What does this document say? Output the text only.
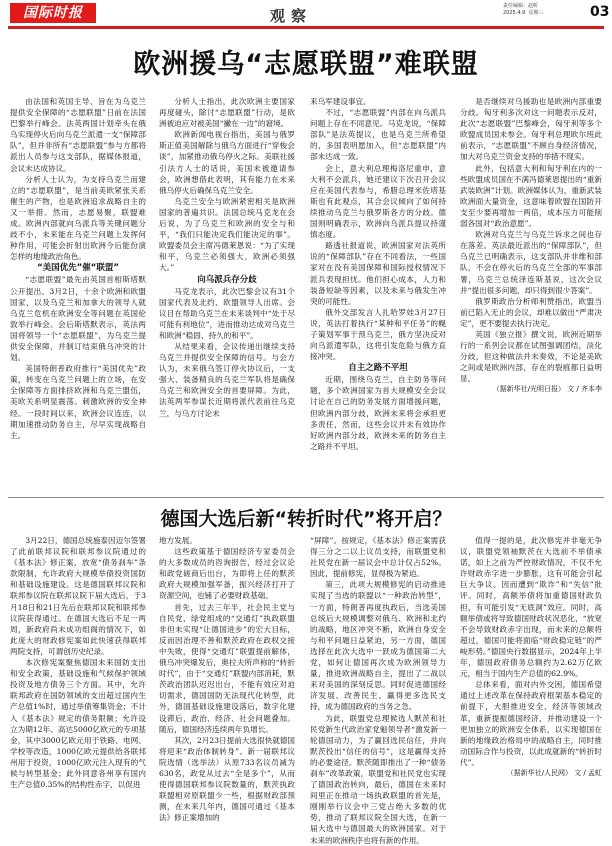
国际时报	观察
责任编辑：赵昕
2025.4.9 星期三	03
欧洲援乌“志愿联盟”难联盟

由法国和英国主导、旨在为乌克兰提供安全保障的“志愿联盟”日前在法国巴黎举行峰会。法英两国计划牵头在俄乌实现停火后向乌克兰派遣一支“保障部队”，但并非所有“志愿联盟”参与方都将派出人员参与这支部队，据媒体报道，会议未达成协议。

分析人士认为，为支持乌克兰而建立的“志愿联盟”，是当前美欧紧张关系催生的产物，也是欧洲追求战略自主的又一举措。然而，志愿易聚，联盟难成。欧洲内部就向乌派兵等关键问题分歧不小，未来能在乌克兰问题上发挥何种作用，可能会折射出欧洲今后能份演怎样的地缘政治角色。

“美国优先”催“联盟”

“志愿联盟”最先由英国首相斯塔默公开提出。3月2日，十余个欧洲和欧盟国家，以及乌克兰和加拿大的领导人就乌克兰危机在欧洲安全等问题在英国伦敦举行峰会。会后斯塔默表示，英法两国将领导一个“志愿联盟”，为乌克兰提供安全保障，并制订结束俄乌冲突的计划。

美国特朗普政府推行“美国优先”政策，转变在乌克兰问题上的立场，在安全保障等方面排挤欧洲和乌克兰盟伍，美欧关系明显震荡。刺激欧洲的安全神经。一段时间以来，欧洲会议连连，以期加速推动防务自主，尽早实现战略自主。

分析人士指出，此次欧洲主要国家再度碰头，除讨“志愿联盟”行动，是欧洲被迫应对被美国“撇在一边”的窘境。

欧洲新闻电视台指出，美国与俄罗斯正值美国解除与俄乌方面进行“穿梭会谈”，加紧推动俄乌停火之际。美联社援引法方人士的话说，美国未被邀请参会，欧洲想借此表明，其有能力在未来俄乌停火后确保乌克兰安全。

乌克兰安全与欧洲紧密相关是欧洲国家的普遍共识。法国总统马克龙在会后说，为了乌克兰和欧洲的安全与和平，“我们只能决定我们能决定的事”。欧盟委员会主席冯德莱恩说：“为了实现和平，乌克兰必须强大，欧洲必须强大。”

向乌派兵存分歧

马克龙表示，此次巴黎会议有31个国家代表及北约、欧盟领导人出席。会议目在帮助乌克兰在未来谈判中“处于尽可能有利地位”，进而推动达成对乌克兰和欧洲“稳固、持久的和平”。

从结果来看，会议传递出继续支持乌克兰并提供安全保障的信号。与会方认为，未来俄乌签订停火协议后，一支强大、装备精良的乌克兰军队将是确保乌克兰和欧洲安全的首要屏障。为此，法英两军参谋长近期将派代表前往乌克兰，与乌方讨论未

来乌军建设事宜。

不过，“志愿联盟”内部在向乌派兵问题上存在不同意见。马克龙说，“保障部队”是法英提议，也是乌克兰所希望的，多国表明愿加入，但“志愿联盟”内部未达成一致。

会上，意大利总理梅洛尼重申，意大利不会派兵，她还建议下次召开会议应在美国代表参与，希腊总理米佐塔基斯也有此观点，其合会议倾向了如何持续推动乌克兰与俄罗斯各方的分歧。德国则明确表示，欧洲向乌派兵提议持谨慎态度。

路透社报道说，欧洲国家对法英所说的“保障部队”存在不同看法，一些国家对在没有美国保障和国际授权情况下派兵表现担忧。他们担心成本，人力和装备短缺等因素，以及未来与俄发生冲突的可能性。

俄外交部发言人扎哈罗娃3月27日说，英法打着执行“某种和平任务”的幌子策划军事干预乌克兰，俄方坚决反对向乌派遣军队，这将引发危险与俄方直接冲突。

自主之路不平坦

近期，围绕乌克兰、自主防务等问题，多个欧洲国家为首大规模安全会议讨论在自己的防务发展方面增援问题，但欧洲内部分歧，欧洲未来将会承担更多责任，然而，这些会议并未有效协作好欧洲内部分歧，欧洲未来的防务自主之路并不平坦。

是否继续对乌援助也是欧洲内部重要分歧。匈牙利多次对这一问题表示反对，此次“志愿联盟”巴黎峰会，匈牙利等多个欧盟成员国未参会。匈牙利总理欧尔班此前表示，“志愿联盟”不顾自身经济情况，加大对乌克兰资金支持的举措不现实。

此外，包括意大利和匈牙利在内的一些欧盟成员国在不满冯德莱恩提出的“重新武装欧洲”计划。欧洲媒体认为，重新武装欧洲面大量资金，这意味着欧盟在国防开支至少要再增加一两倍，成本压力可能削弱各国对“政治意愿”。

欧洲对乌克兰与乌克兰诉求之间也存在落差。英法最近派出的“保障部队”，但乌克兰已明确表示，这支部队并非维和部队，不会在停火后的乌克兰全部的军事部署，乌克兰总统泽连斯基说，这次会议并“提出很多问题，却只得到很少答案”。

俄罗斯政治分析师利赞指出，欧盟当前已陷入无止的会议，却难以做出“严肃决定”，更不要提去执行决定。

英国《独立报》撰文说，欧洲近期举行的一系列会议都在试图强调团结，淡化分歧，但这种做法并未奏效，不论是美欧之间或是欧洲内部，存在的裂痕都日益明显。

（据新华社/光明日报） 文 / 齐本李

德国大选后新“转折时代”将开启？

3月22日，德国总统施泰因迈尔签署了此前联邦议院和联邦参议院通过的《基本法》修正案，放宽“债务刹车”条款限制，允许政府大规模举债投资国防和基础设施建设。这是德国联邦议院和联邦参议院在联邦议院下届大选后，于3月18日和21日先后在联邦议院和联邦参议院获得通过。在德国大选后不足一两周，新政府尚未成功组阁的情况下，如此庞大的财政修宪案如此快速获得联邦两院支持，可谓创历史纪录。

本次修宪案聚焦德国未来国防支出和安全政策，基础设施和气候保护领域投资及地方债务三个方面。其中，允许联邦政府在国防领域的支出超过国内生产总值1%时，通过举债筹集资金；不计入《基本法》规定的债务限额；允许设立为期12年、高达5000亿欧元的专项基金，其中3000亿欧元用于铁路、电网、学校等改造，1000亿欧元提供给各联邦州用于投资，1000亿欧元注入现有的气候与转型基金；此外同意各州享有国内生产总值0.35%的结构性赤字，以促进

地方发展。

这些政策基于德国经济专家委员会的大多数成员的咨询报告，经过会议论和政党磋商后出台，为即将上任的默茨政府大规模加强军备，振兴经济打开了资源空间，也铺了必要财政基础。

首先，过去三年半，社会民主党与自民党、绿党组成的“交通灯”执政联盟非但未实现“让德国进步”的宏大目标，反而因治理不善和默茨政府在政权交接中失败，使得“交通灯”联盟提前解体，俄乌冲突爆发后，奥拉夫所声称的“转折时代”，由于“交通灯”联盟内部消耗，默茨政治团队迟迟出台，不能有效应对迫切需求，德国国防无法现代化转型，此外，德国基础设施建设落后，数字化建设滞后，政治、经济、社会问题叠加。随后，德国经济连续两年负增长。

其次，2月23日提前大选很快就德国将迎来“政治体制转身”。新一届联邦议院选情（选举法）从原733名议员减为630名，政党从过去“全是多个”，从而使得德国联邦参议院数量的，默茨执政联盟相对原联盟少一些，根据财政部预测，在未来几年内，德国可通过《基本法》修正案增加的

“屏障”。按规定，《基本法》修正案需获得三分之二以上议员支持，而联盟党和社民党在新一届议会中总计仅占52%。因此，提前修宪，显得极为紧迫。

第三，此项大规模修宪的启动推进实现了当选的联盟以“一种政治转型”，一方面，特朗普再度执政后，当选美国总统后大规模调整对俄乌、欧洲和北约的战略，地区冲突不断，欧洲自身安全与和平问题日益紧迫，另一方面，德国选择在此次大选中一跃成为德国第二大党，如何让德国再次成为欧洲领导力量，推进欧洲战略自主，提出了二战以来对美国的深刻反思。同时促进德国经济发展、改善民生、赢得更多选民支持，成为德国政府的当务之急。

为此，联盟党总理候选人默茨和社民党新生代政治家党魁领导者“激发新一轮德国动力，为了赢回选民信任，并向默茨投出“信任的信号”，这是赢得支持的必要途径。默茨随即推出了一种“债务刹车”改革政策，联盟党和社民党也实现了德国政治转向，最后，德国在未来时间里正在推动一场执政联盟的首先是，刚刚举行议会中三党占绝大多数的优势，推动了联邦议院全国大选，在新一届大选中与德国最大的欧洲国家。对于未来的欧洲秩序也将有新的作用。

值得一提的是，此次修宪并非毫无争议，联盟党领袖默茨在大选前不举债承诺，如上之前为严控财政情况，不仅不允许财政赤字进一步膨胀，这有可能会引起巨大争议。因而遭到“欺诈”和“失信”批评。同时，高额举债将加重德国财政负担，有可能引发“无底洞”效应。同时，高额举债或将导致德国财政状况恶化，“放宽不会导致财政赤字出现，而未来的总额将超过，德国可能将面临“财政稳定链”的严峻形势。”德国央行数据显示，2024年上半年，德国政府债务总额约为2.62万亿欧元，相当于国内生产总值的62.9%。

总体来看，面对内外交困，德国希望通过上述改革在保持政府框架基本稳定的前提下，大胆推进安全、经济等领域改革，重新提振德国经济，并推动建设一个更加独立的欧洲安全体系，以实现德国在新的地缘政治格局中的战略自主，同时推动国际合作与投资，以此成就新的“转折时代”。

（据新华社/人民网） 文 / 孟虹
